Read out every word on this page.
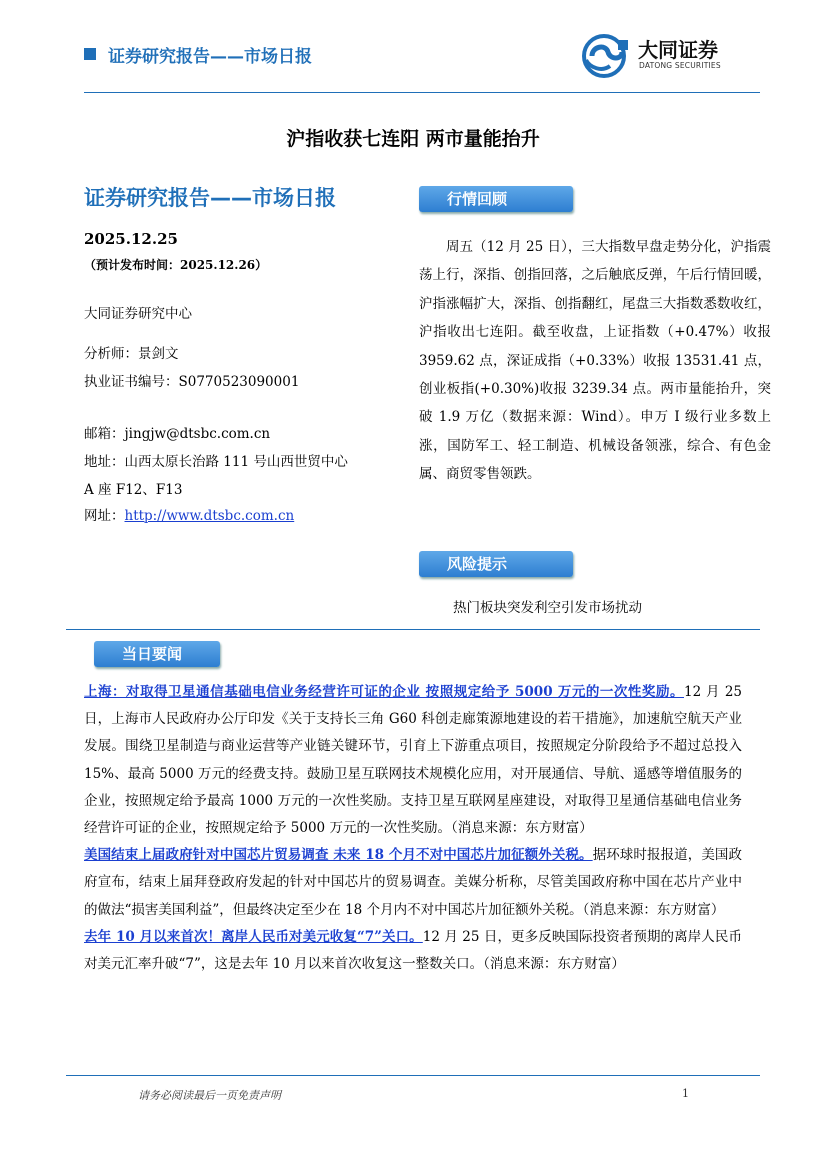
证券研究报告——市场日报	大同证券
DATONG SECURITIES
沪指收获七连阳 两市量能抬升
证券研究报告——市场日报
2025.12.25
（预计发布时间：2025.12.26）
大同证券研究中心
分析师：景剑文
执业证书编号：S0770523090001
邮箱：jingjw@dtsbc.com.cn
地址：山西太原长治路 111 号山西世贸中心
A 座 F12、F13
网址：http://www.dtsbc.com.cn
行情回顾
周五（12 月 25 日），三大指数早盘走势分化，沪指震荡上行，深指、创指回落，之后触底反弹，午后行情回暖，沪指涨幅扩大，深指、创指翻红，尾盘三大指数悉数收红，沪指收出七连阳。截至收盘，上证指数（+0.47%）收报 3959.62 点，深证成指（+0.33%）收报 13531.41 点，创业板指(+0.30%)收报 3239.34 点。两市量能抬升，突破 1.9 万亿（数据来源：Wind）。申万 I 级行业多数上涨，国防军工、轻工制造、机械设备领涨，综合、有色金属、商贸零售领跌。
风险提示
热门板块突发利空引发市场扰动
当日要闻

上海：对取得卫星通信基础电信业务经营许可证的企业 按照规定给予 5000 万元的一次性奖励。12 月 25 日，上海市人民政府办公厅印发《关于支持长三角 G60 科创走廊策源地建设的若干措施》，加速航空航天产业发展。围绕卫星制造与商业运营等产业链关键环节，引育上下游重点项目，按照规定分阶段给予不超过总投入 15%、最高 5000 万元的经费支持。鼓励卫星互联网技术规模化应用，对开展通信、导航、遥感等增值服务的企业，按照规定给予最高 1000 万元的一次性奖励。支持卫星互联网星座建设，对取得卫星通信基础电信业务经营许可证的企业，按照规定给予 5000 万元的一次性奖励。（消息来源：东方财富）

美国结束上届政府针对中国芯片贸易调查 未来 18 个月不对中国芯片加征额外关税。据环球时报报道，美国政府宣布，结束上届拜登政府发起的针对中国芯片的贸易调查。美媒分析称，尽管美国政府称中国在芯片产业中的做法“损害美国利益”，但最终决定至少在 18 个月内不对中国芯片加征额外关税。（消息来源：东方财富）

去年 10 月以来首次！离岸人民币对美元收复“7”关口。12 月 25 日，更多反映国际投资者预期的离岸人民币对美元汇率升破“7”，这是去年 10 月以来首次收复这一整数关口。（消息来源：东方财富）

请务必阅读最后一页免责声明	1
